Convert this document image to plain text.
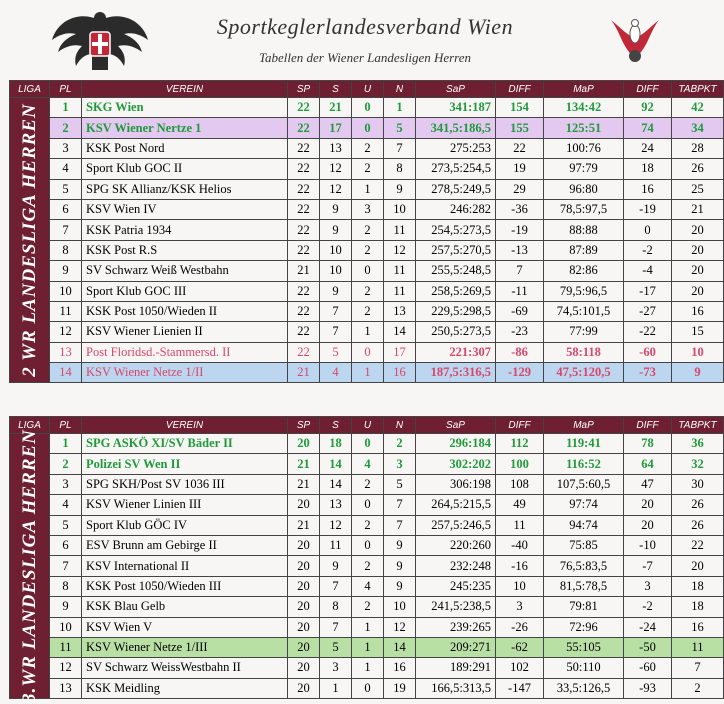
Sportkeglerlandesverband Wien
Tabellen der Wiener Landesligen Herren
LIGA	PL	VEREIN	SP	S	U	N	SaP	DIFF	MaP	DIFF	TABPKT

2 WR LANDESLIGA HERREN	1	SKG Wien	22	21	0	1	341:187	154	134:42	92	42
	2	KSV Wiener Nertze 1	22	17	0	5	341,5:186,5	155	125:51	74	34
	3	KSK Post Nord	22	13	2	7	275:253	22	100:76	24	28
	4	Sport Klub GOC II	22	12	2	8	273,5:254,5	19	97:79	18	26
	5	SPG SK Allianz/KSK Helios	22	12	1	9	278,5:249,5	29	96:80	16	25
	6	KSV Wien IV	22	9	3	10	246:282	-36	78,5:97,5	-19	21
	7	KSK Patria 1934	22	9	2	11	254,5:273,5	-19	88:88	0	20
	8	KSK Post R.S	22	10	2	12	257,5:270,5	-13	87:89	-2	20
	9	SV Schwarz Weiß Westbahn	21	10	0	11	255,5:248,5	7	82:86	-4	20
	10	Sport Klub GOC III	22	9	2	11	258,5:269,5	-11	79,5:96,5	-17	20
	11	KSK Post 1050/Wieden II	22	7	2	13	229,5:298,5	-69	74,5:101,5	-27	16
	12	KSV Wiener Lienien II	22	7	1	14	250,5:273,5	-23	77:99	-22	15
	13	Post Floridsd.-Stammersd. II	22	5	0	17	221:307	-86	58:118	-60	10
	14	KSV Wiener Netze 1/II	21	4	1	16	187,5:316,5	-129	47,5:120,5	-73	9
LIGA	PL	VEREIN	SP	S	U	N	SaP	DIFF	MaP	DIFF	TABPKT

3.WR LANDESLIGA HERREN	1	SPG ASKÖ XI/SV Bäder II	20	18	0	2	296:184	112	119:41	78	36
	2	Polizei SV Wen II	21	14	4	3	302:202	100	116:52	64	32
	3	SPG SKH/Post SV 1036 III	21	14	2	5	306:198	108	107,5:60,5	47	30
	4	KSV Wiener Linien III	20	13	0	7	264,5:215,5	49	97:74	20	26
	5	Sport Klub GÖC IV	21	12	2	7	257,5:246,5	11	94:74	20	26
	6	ESV Brunn am Gebirge II	20	11	0	9	220:260	-40	75:85	-10	22
	7	KSV International II	20	9	2	9	232:248	-16	76,5:83,5	-7	20
	8	KSK Post 1050/Wieden III	20	7	4	9	245:235	10	81,5:78,5	3	18
	9	KSK Blau Gelb	20	8	2	10	241,5:238,5	3	79:81	-2	18
	10	KSV Wien V	20	7	1	12	239:265	-26	72:96	-24	16
	11	KSV Wiener Netze 1/III	20	5	1	14	209:271	-62	55:105	-50	11
	12	SV Schwarz WeissWestbahn II	20	3	1	16	189:291	102	50:110	-60	7
	13	KSK Meidling	20	1	0	19	166,5:313,5	-147	33,5:126,5	-93	2
